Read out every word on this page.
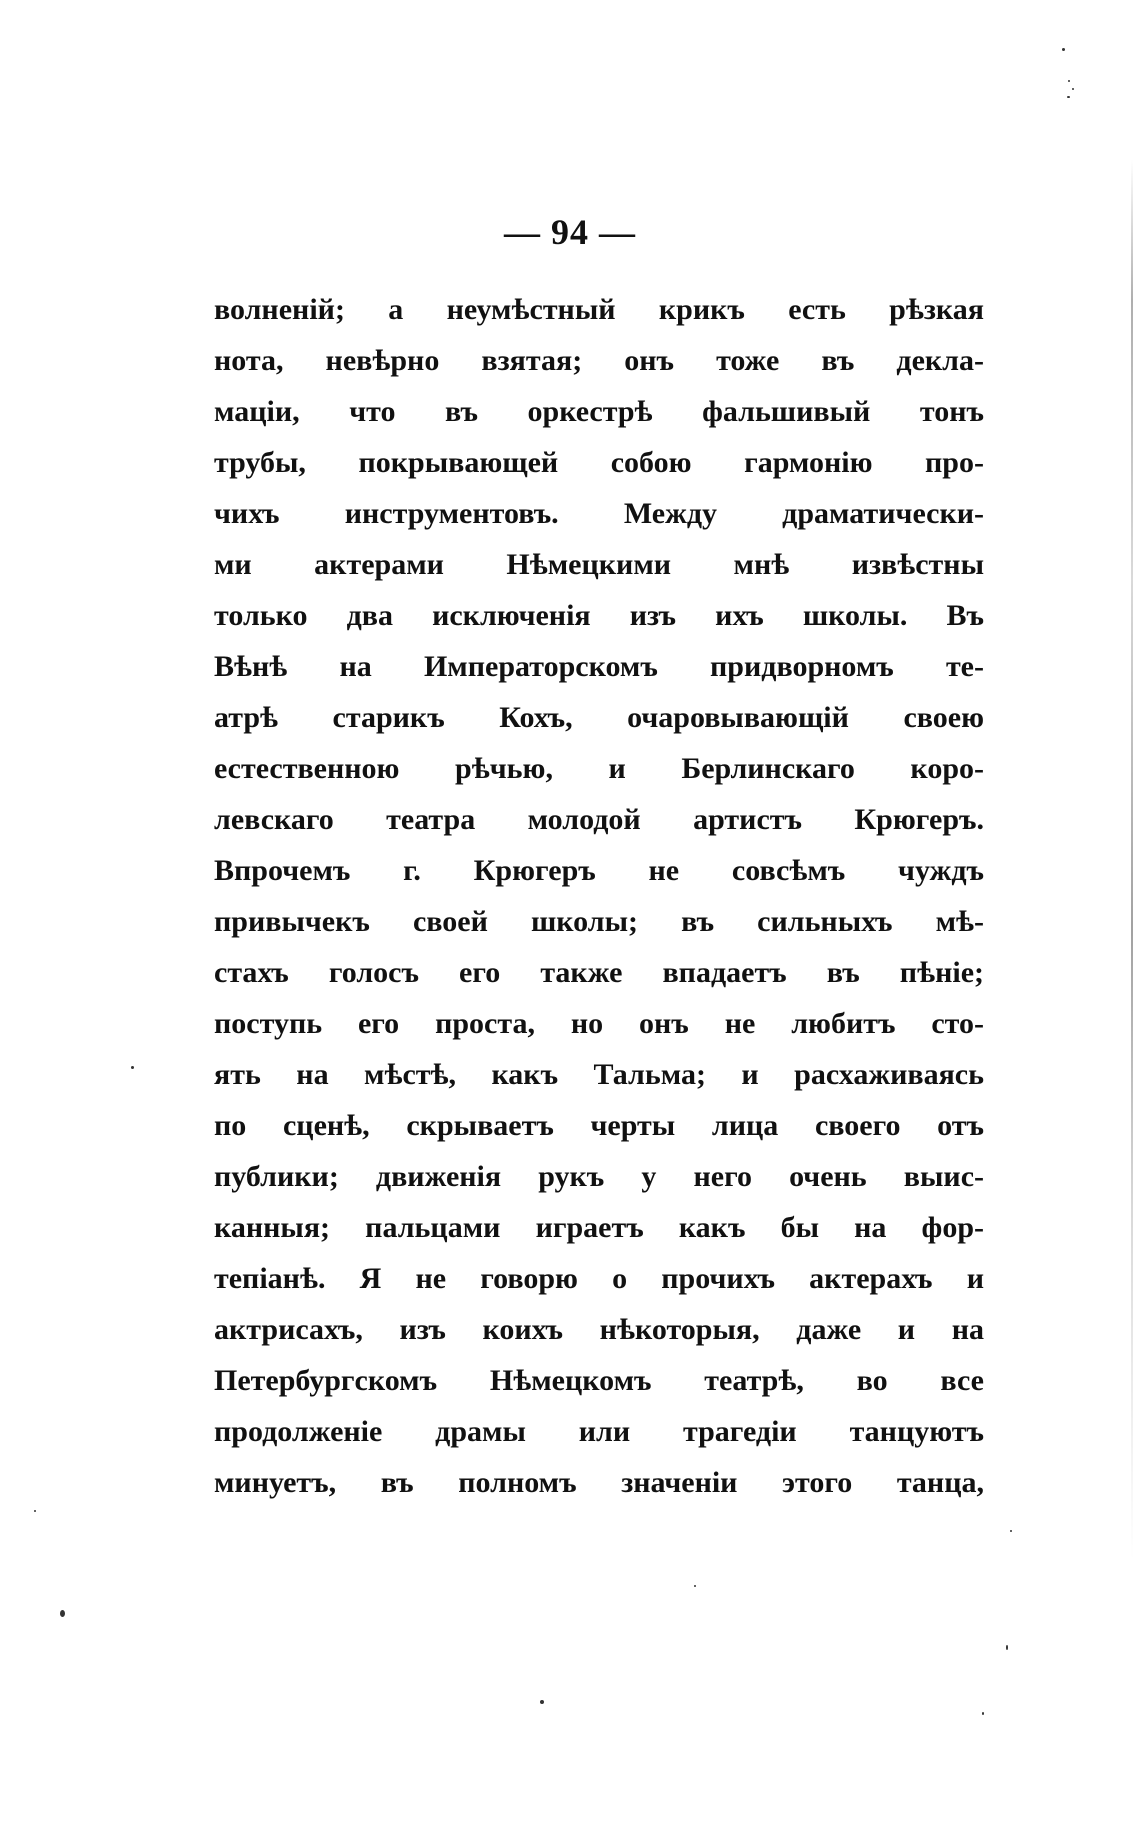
— 94 —
волненій; а неумѣстный крикъ есть рѣзкая
нота, невѣрно взятая; онъ тоже въ декла-
маціи, что въ оркестрѣ фальшивый тонъ
трубы, покрывающей собою гармонію про-
чихъ инструментовъ. Между драматически-
ми актерами Нѣмецкими мнѣ извѣстны
только два исключенія изъ ихъ школы. Въ
Вѣнѣ на Императорскомъ придворномъ те-
атрѣ старикъ Кохъ, очаровывающій своею
естественною рѣчью, и Берлинскаго коро-
левскаго театра молодой артистъ Крюгеръ.
Впрочемъ г. Крюгеръ не совсѣмъ чуждъ
привычекъ своей школы; въ сильныхъ мѣ-
стахъ голосъ его также впадаетъ въ пѣніе;
поступь его проста, но онъ не любитъ сто-
ять на мѣстѣ, какъ Тальма; и расхаживаясь
по сценѣ, скрываетъ черты лица своего отъ
публики; движенія рукъ у него очень выис-
канныя; пальцами играетъ какъ бы на фор-
тепіанѣ. Я не говорю о прочихъ актерахъ и
актрисахъ, изъ коихъ нѣкоторыя, даже и на
Петербургскомъ Нѣмецкомъ театрѣ, во все
продолженіе драмы или трагедіи танцуютъ
минуетъ, въ полномъ значеніи этого танца,
